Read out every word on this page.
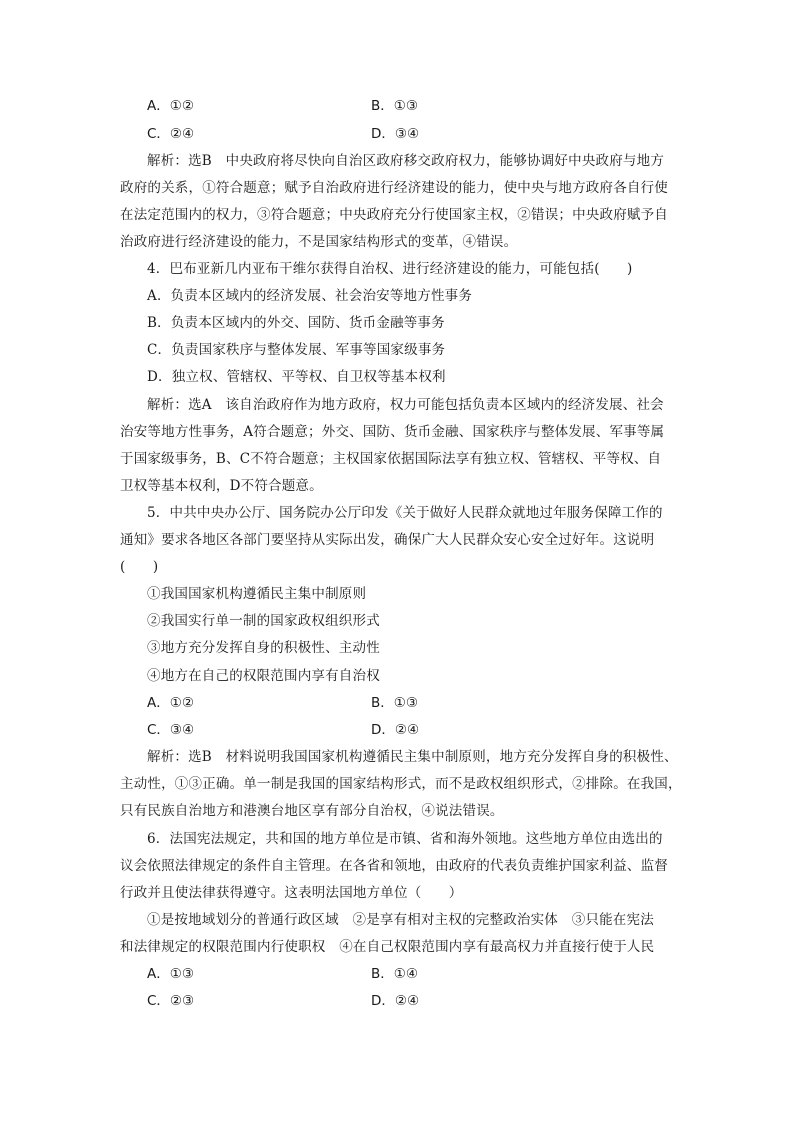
A．①②	B．①③
C．②④	D．③④
解析：选B　中央政府将尽快向自治区政府移交政府权力，能够协调好中央政府与地方
政府的关系，①符合题意；赋予自治政府进行经济建设的能力，使中央与地方政府各自行使
在法定范围内的权力，③符合题意；中央政府充分行使国家主权，②错误；中央政府赋予自
治政府进行经济建设的能力，不是国家结构形式的变革，④错误。
4．巴布亚新几内亚布干维尔获得自治权、进行经济建设的能力，可能包括(　　)
A．负责本区域内的经济发展、社会治安等地方性事务
B．负责本区域内的外交、国防、货币金融等事务
C．负责国家秩序与整体发展、军事等国家级事务
D．独立权、管辖权、平等权、自卫权等基本权利
解析：选A　该自治政府作为地方政府，权力可能包括负责本区域内的经济发展、社会
治安等地方性事务，A符合题意；外交、国防、货币金融、国家秩序与整体发展、军事等属
于国家级事务，B、C不符合题意；主权国家依据国际法享有独立权、管辖权、平等权、自
卫权等基本权利，D不符合题意。
5．中共中央办公厅、国务院办公厅印发《关于做好人民群众就地过年服务保障工作的
通知》要求各地区各部门要坚持从实际出发，确保广大人民群众安心安全过好年。这说明
(　　)
①我国国家机构遵循民主集中制原则
②我国实行单一制的国家政权组织形式
③地方充分发挥自身的积极性、主动性
④地方在自己的权限范围内享有自治权
A．①②	B．①③
C．③④	D．②④
解析：选B　材料说明我国国家机构遵循民主集中制原则，地方充分发挥自身的积极性、
主动性，①③正确。单一制是我国的国家结构形式，而不是政权组织形式，②排除。在我国，
只有民族自治地方和港澳台地区享有部分自治权，④说法错误。
6．法国宪法规定，共和国的地方单位是市镇、省和海外领地。这些地方单位由选出的
议会依照法律规定的条件自主管理。在各省和领地，由政府的代表负责维护国家利益、监督
行政并且使法律获得遵守。这表明法国地方单位（　　）
①是按地域划分的普通行政区域　②是享有相对主权的完整政治实体　③只能在宪法
和法律规定的权限范围内行使职权　④在自己权限范围内享有最高权力并直接行使于人民
A．①③	B．①④
C．②③	D．②④
